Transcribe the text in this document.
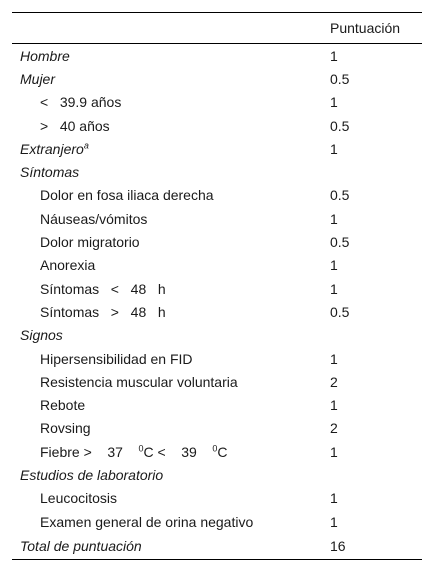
	Puntuación
Hombre	1
Mujer	0.5
<   39.9 años	1
>   40 años	0.5
Extranjero$^a$	1
Síntomas	
Dolor en fosa iliaca derecha	0.5
Náuseas/vómitos	1
Dolor migratorio	0.5
Anorexia	1
Síntomas   <   48   h	1
Síntomas   >   48   h	0.5
Signos	
Hipersensibilidad en FID	1
Resistencia muscular voluntaria	2
Rebote	1
Rovsing	2
Fiebre > 37 $^0$C < 39 $^0$C	1
Estudios de laboratorio	
Leucocitosis	1
Examen general de orina negativo	1
Total de puntuación	16
